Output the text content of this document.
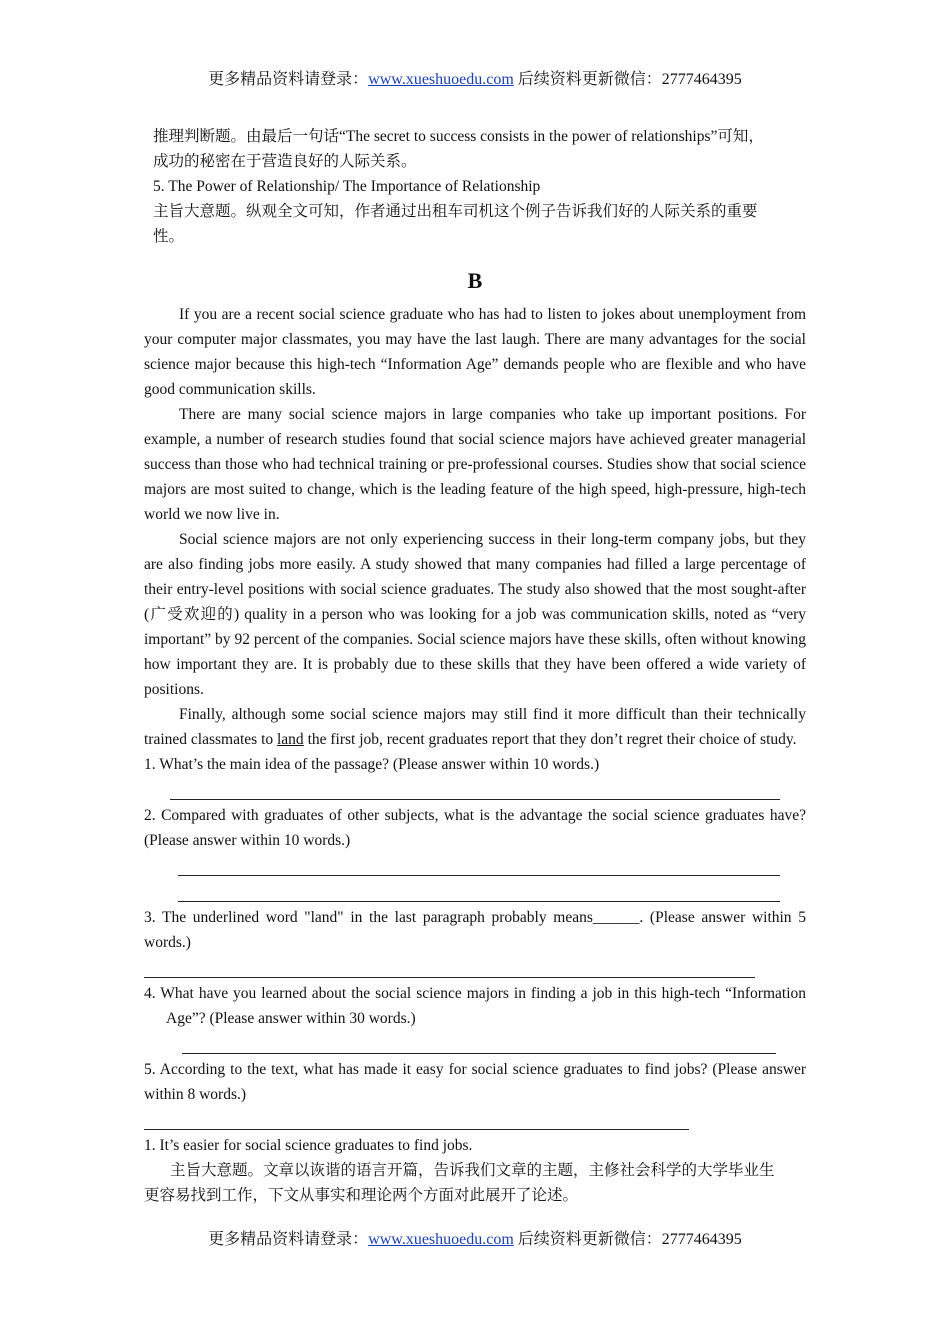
更多精品资料请登录：www.xueshuoedu.com 后续资料更新微信：2777464395
推理判断题。由最后一句话“The secret to success consists in the power of relationships”可知，
成功的秘密在于营造良好的人际关系。
5. The Power of Relationship/ The Importance of Relationship
主旨大意题。纵观全文可知，作者通过出租车司机这个例子告诉我们好的人际关系的重要
性。
B
If you are a recent social science graduate who has had to listen to jokes about unemployment from your computer major classmates, you may have the last laugh. There are many advantages for the social science major because this high-tech “Information Age” demands people who are flexible and who have good communication skills.
There are many social science majors in large companies who take up important positions. For example, a number of research studies found that social science majors have achieved greater managerial success than those who had technical training or pre-professional courses. Studies show that social science majors are most suited to change, which is the leading feature of the high speed, high-pressure, high-tech world we now live in.
Social science majors are not only experiencing success in their long-term company jobs, but they are also finding jobs more easily. A study showed that many companies had filled a large percentage of their entry-level positions with social science graduates. The study also showed that the most sought-after (广受欢迎的) quality in a person who was looking for a job was communication skills, noted as “very important” by 92 percent of the companies. Social science majors have these skills, often without knowing how important they are. It is probably due to these skills that they have been offered a wide variety of positions.
Finally, although some social science majors may still find it more difficult than their technically trained classmates to land the first job, recent graduates report that they don’t regret their choice of study.
1. What’s the main idea of the passage? (Please answer within 10 words.)
2. Compared with graduates of other subjects, what is the advantage the social science graduates have? (Please answer within 10 words.)
3. The underlined word "land" in the last paragraph probably means______. (Please answer within 5 words.)
4. What have you learned about the social science majors in finding a job in this high-tech “Information Age”? (Please answer within 30 words.)
5. According to the text, what has made it easy for social science graduates to find jobs? (Please answer within 8 words.)
1. It’s easier for social science graduates to find jobs.
主旨大意题。文章以诙谐的语言开篇，告诉我们文章的主题，主修社会科学的大学毕业生
更容易找到工作，下文从事实和理论两个方面对此展开了论述。
更多精品资料请登录：www.xueshuoedu.com 后续资料更新微信：2777464395
